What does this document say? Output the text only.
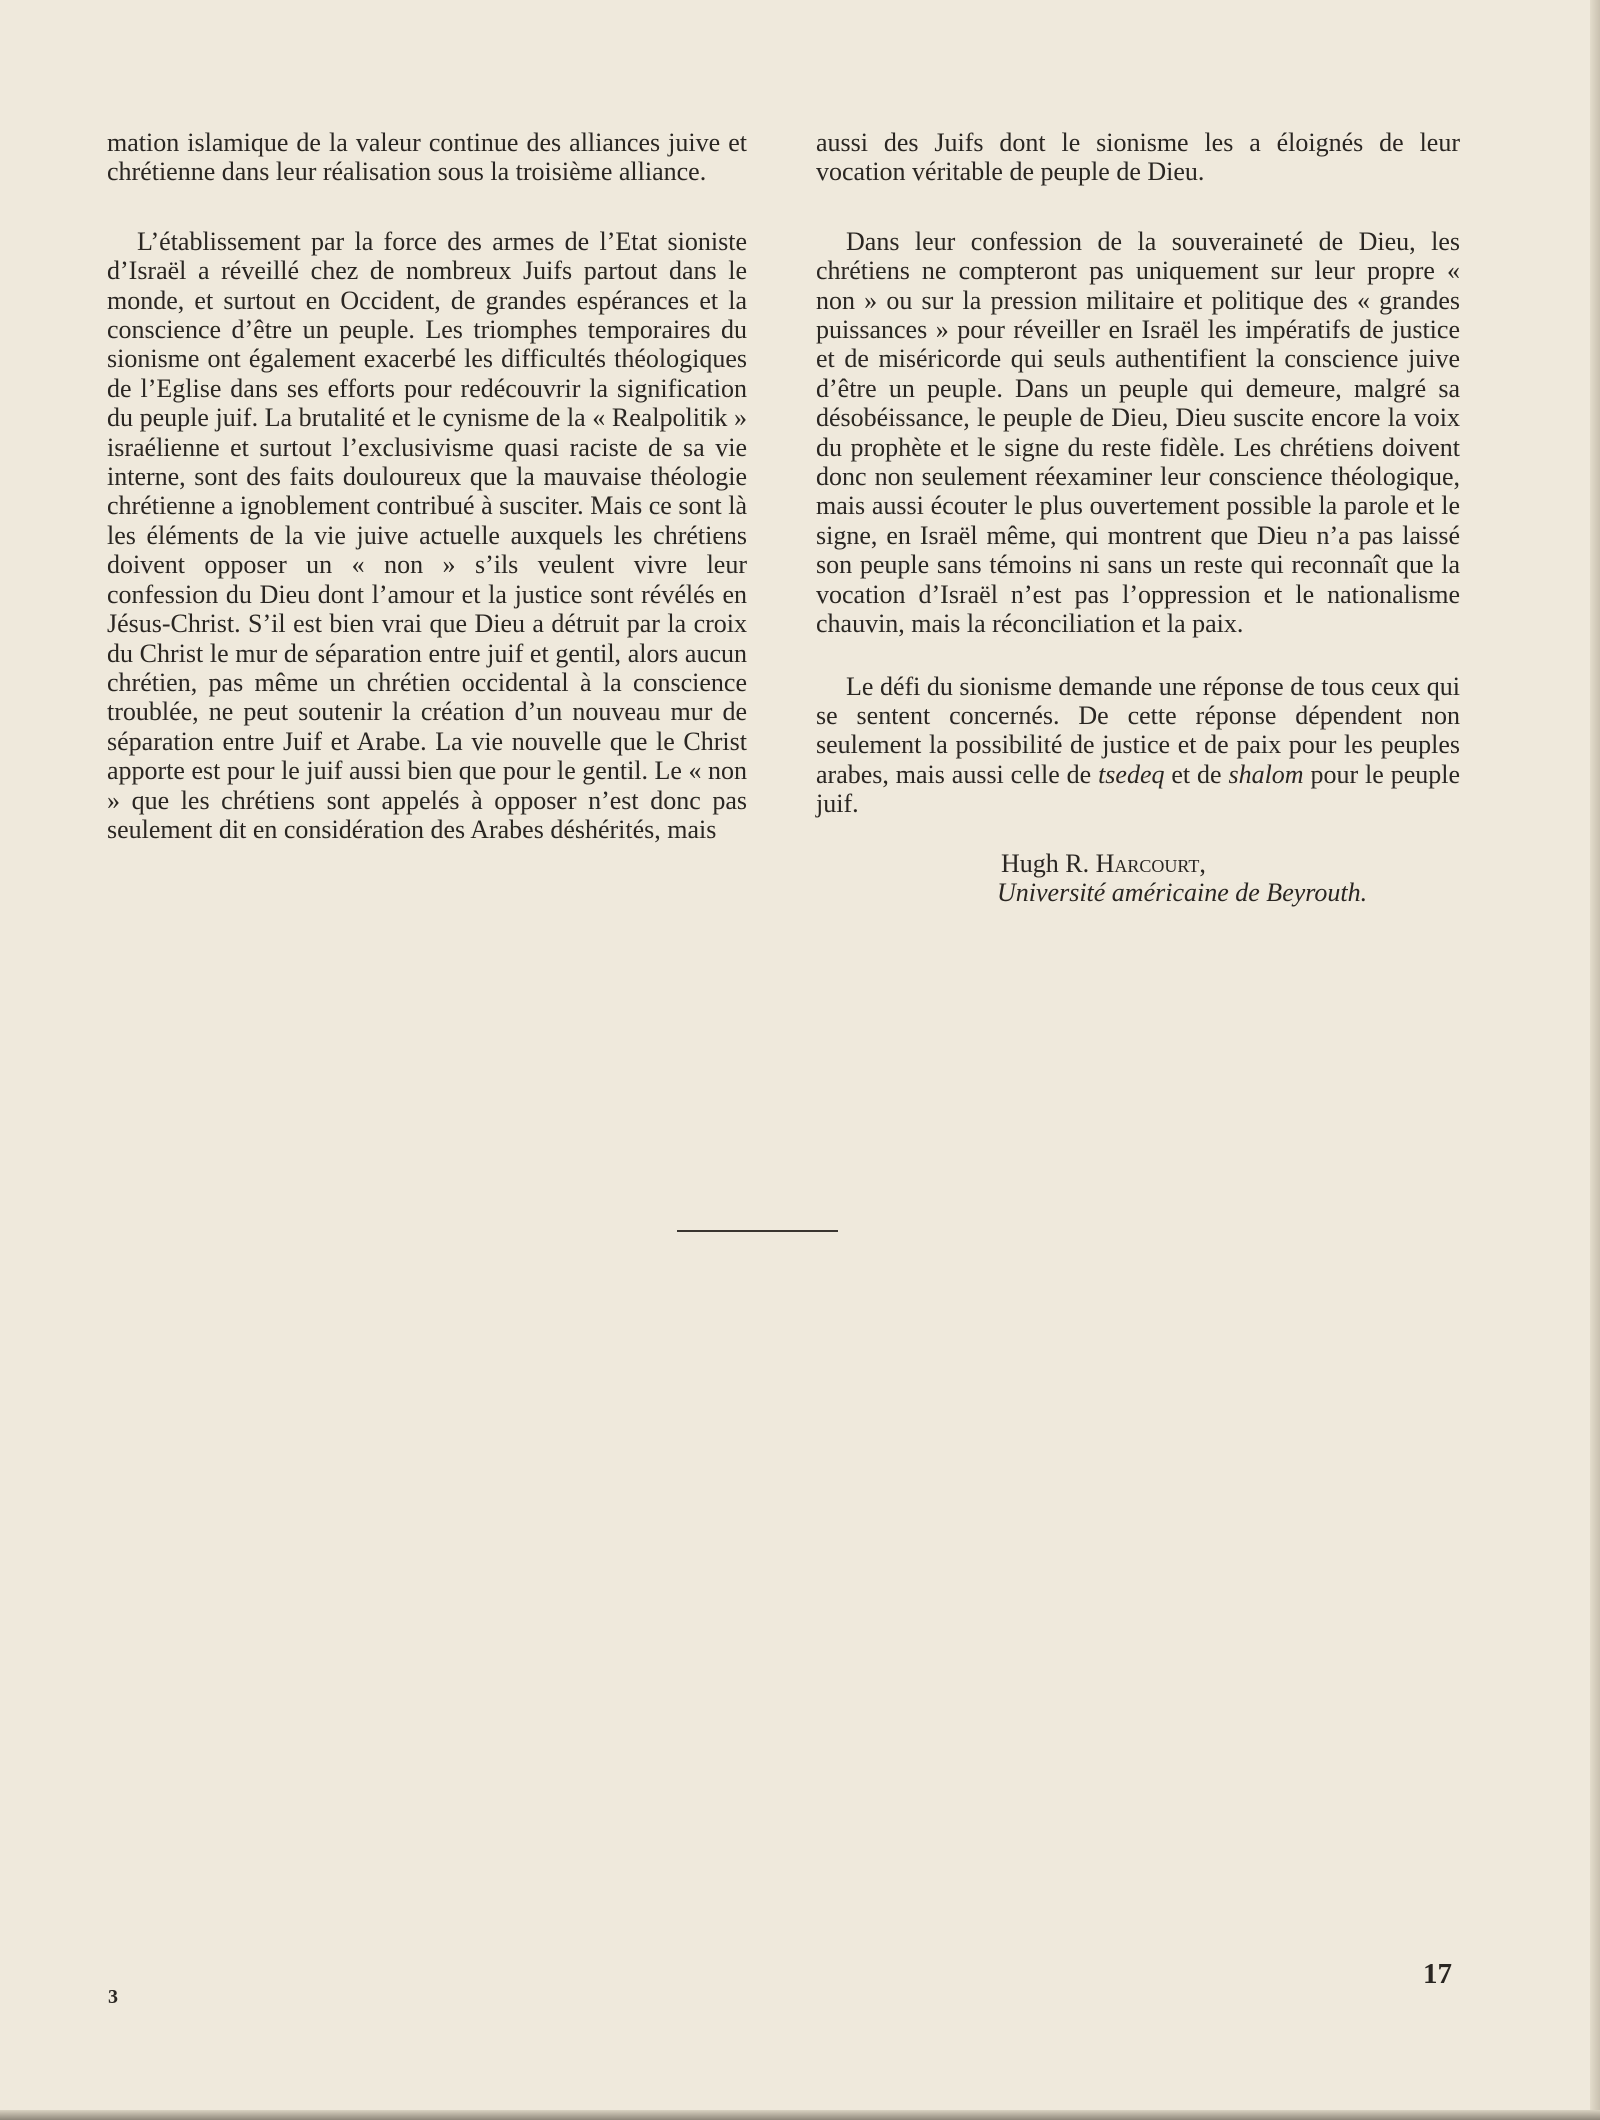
mation islamique de la valeur continue des alliances juive et chrétienne dans leur réalisation sous la troisième alliance.

L’établissement par la force des armes de l’Etat sioniste d’Israël a réveillé chez de nombreux Juifs partout dans le monde, et surtout en Occident, de grandes espérances et la conscience d’être un peuple. Les triomphes temporaires du sionisme ont également exacerbé les difficultés théologiques de l’Eglise dans ses efforts pour redécouvrir la signification du peuple juif. La brutalité et le cynisme de la « Realpolitik » israélienne et surtout l’exclusivisme quasi raciste de sa vie interne, sont des faits douloureux que la mauvaise théologie chrétienne a ignoblement contribué à susciter. Mais ce sont là les éléments de la vie juive actuelle auxquels les chrétiens doivent opposer un « non » s’ils veulent vivre leur confession du Dieu dont l’amour et la justice sont révélés en Jésus-Christ. S’il est bien vrai que Dieu a détruit par la croix du Christ le mur de séparation entre juif et gentil, alors aucun chrétien, pas même un chrétien occidental à la conscience troublée, ne peut soutenir la création d’un nouveau mur de séparation entre Juif et Arabe. La vie nouvelle que le Christ apporte est pour le juif aussi bien que pour le gentil. Le « non » que les chrétiens sont appelés à opposer n’est donc pas seulement dit en considération des Arabes déshérités, mais

aussi des Juifs dont le sionisme les a éloignés de leur vocation véritable de peuple de Dieu.

Dans leur confession de la souveraineté de Dieu, les chrétiens ne compteront pas uniquement sur leur propre « non » ou sur la pression militaire et politique des « grandes puissances » pour réveiller en Israël les impératifs de justice et de miséricorde qui seuls authentifient la conscience juive d’être un peuple. Dans un peuple qui demeure, malgré sa désobéissance, le peuple de Dieu, Dieu suscite encore la voix du prophète et le signe du reste fidèle. Les chrétiens doivent donc non seulement réexaminer leur conscience théologique, mais aussi écouter le plus ouvertement possible la parole et le signe, en Israël même, qui montrent que Dieu n’a pas laissé son peuple sans témoins ni sans un reste qui reconnaît que la vocation d’Israël n’est pas l’oppression et le nationalisme chauvin, mais la réconciliation et la paix.

Le défi du sionisme demande une réponse de tous ceux qui se sentent concernés. De cette réponse dépendent non seulement la possibilité de justice et de paix pour les peuples arabes, mais aussi celle de tsedeq et de shalom pour le peuple juif.

Hugh R. Harcourt,

Université américaine de Beyrouth.

17
3
